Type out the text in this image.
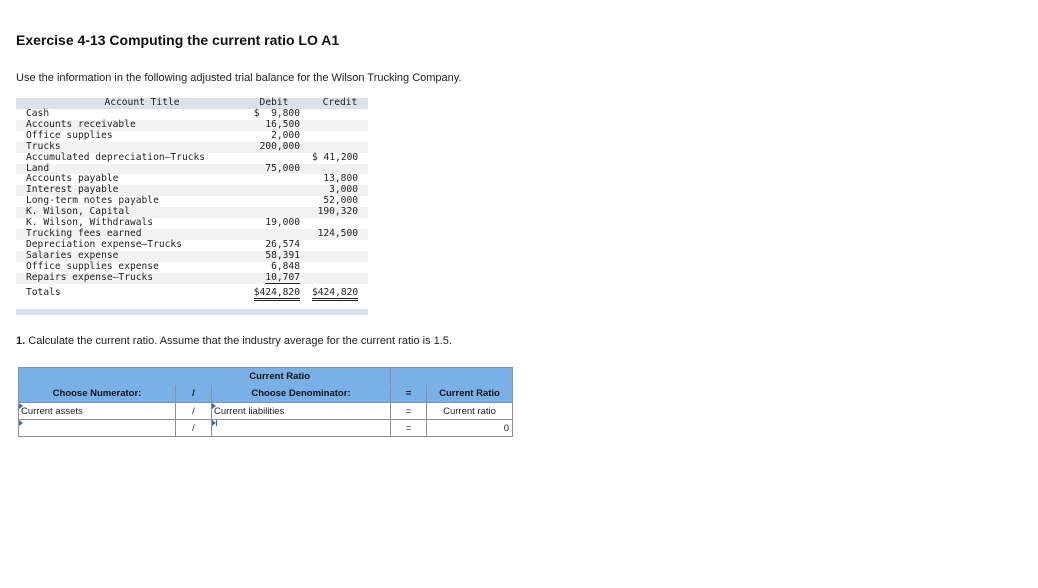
Exercise 4-13 Computing the current ratio LO A1

Use the information in the following adjusted trial balance for the Wilson Trucking Company.

Account Title	Debit		Credit
Cash	$  9,800		
Accounts receivable	16,500		
Office supplies	2,000		
Trucks	200,000		
Accumulated depreciation—Trucks			$ 41,200
Land	75,000		
Accounts payable			13,800
Interest payable			3,000
Long-term notes payable			52,000
K. Wilson, Capital			190,320
K. Wilson, Withdrawals	19,000		
Trucking fees earned			124,500
Depreciation expense—Trucks	26,574		
Salaries expense	58,391		
Office supplies expense	6,848		
Repairs expense—Trucks	10,707		
Totals	$424,820		$424,820

1. Calculate the current ratio. Assume that the industry average for the current ratio is 1.5.

Current Ratio				
Choose Numerator:	/	Choose Denominator:	=	Current Ratio

Current assets	/	Current liabilities	=	Current ratio

	/		=	0
